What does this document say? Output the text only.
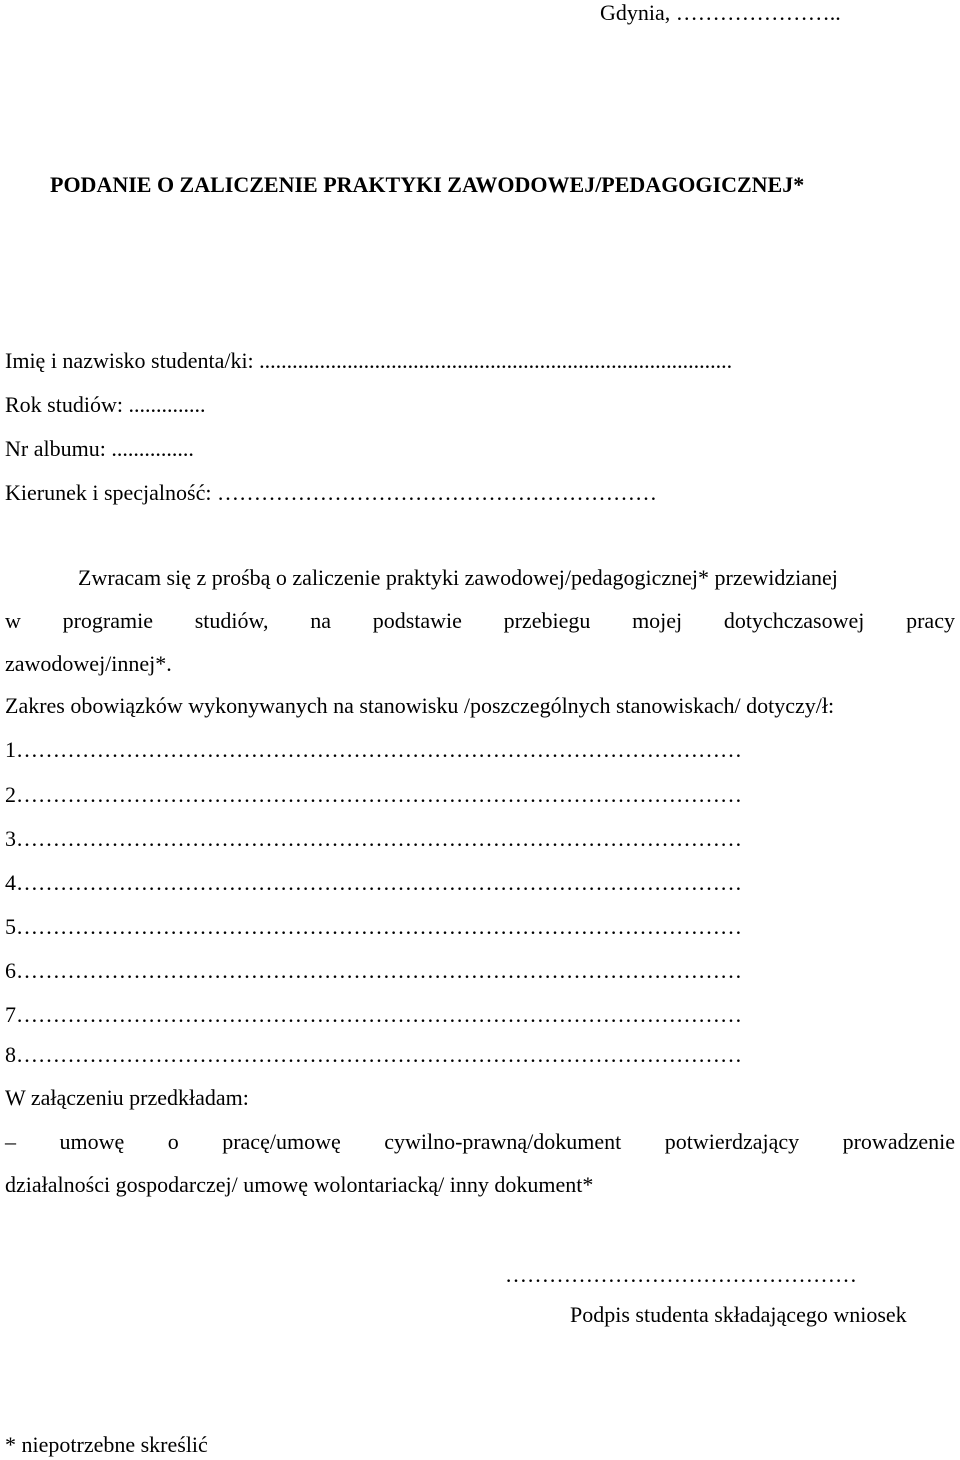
Gdynia, …………………..
PODANIE O ZALICZENIE PRAKTYKI ZAWODOWEJ/PEDAGOGICZNEJ*
Imię i nazwisko studenta/ki: ......................................................................................
Rok studiów: ..............
Nr albumu: ...............
Kierunek i specjalność: ……………………………………………………
Zwracam się z prośbą o zaliczenie praktyki zawodowej/pedagogicznej* przewidzianej
w programie studiów, na podstawie przebiegu mojej dotychczasowej pracy
zawodowej/innej*.
Zakres obowiązków wykonywanych na stanowisku /poszczególnych stanowiskach/ dotyczy/ł:
1………………………………………………………………………………………
2………………………………………………………………………………………
3………………………………………………………………………………………
4………………………………………………………………………………………
5………………………………………………………………………………………
6………………………………………………………………………………………
7………………………………………………………………………………………
8………………………………………………………………………………………
W załączeniu przedkładam:
– umowę o pracę/umowę cywilno-prawną/dokument potwierdzający prowadzenie
działalności gospodarczej/ umowę wolontariacką/ inny dokument*
…………………………………………
Podpis studenta składającego wniosek
* niepotrzebne skreślić
